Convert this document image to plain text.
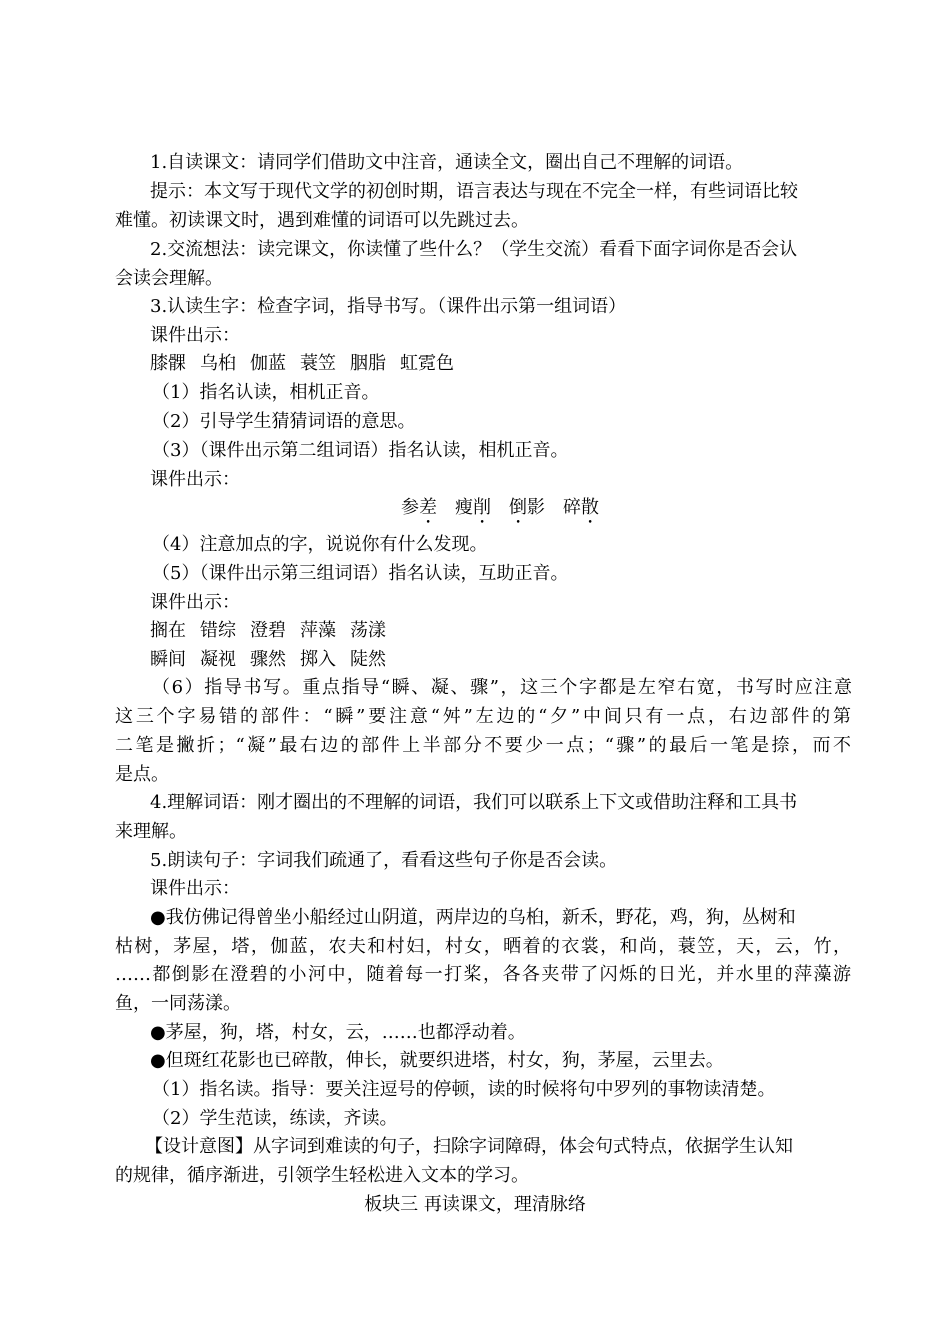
1.自读课文：请同学们借助文中注音，通读全文，圈出自己不理解的词语。
提示：本文写于现代文学的初创时期，语言表达与现在不完全一样，有些词语比较
难懂。初读课文时，遇到难懂的词语可以先跳过去。
2.交流想法：读完课文，你读懂了些什么？（学生交流）看看下面字词你是否会认
会读会理解。
3.认读生字：检查字词，指导书写。（课件出示第一组词语）
课件出示：
膝髁 乌桕 伽蓝 蓑笠 胭脂 虹霓色
（1）指名认读，相机正音。
（2）引导学生猜猜词语的意思。
（3）（课件出示第二组词语）指名认读，相机正音。
课件出示：
参差 瘦削 倒影 碎散
（4）注意加点的字，说说你有什么发现。
（5）（课件出示第三组词语）指名认读，互助正音。
课件出示：
搁在 错综 澄碧 萍藻 荡漾
瞬间 凝视 骤然 掷入 陡然
（6）指导书写。重点指导“瞬、凝、骤”，这三个字都是左窄右宽，书写时应注意
这三个字易错的部件：“瞬”要注意“舛”左边的“夕”中间只有一点，右边部件的第
二笔是撇折；“凝”最右边的部件上半部分不要少一点；“骤”的最后一笔是捺，而不
是点。
4.理解词语：刚才圈出的不理解的词语，我们可以联系上下文或借助注释和工具书
来理解。
5.朗读句子：字词我们疏通了，看看这些句子你是否会读。
课件出示：
●我仿佛记得曾坐小船经过山阴道，两岸边的乌桕，新禾，野花，鸡，狗，丛树和
枯树，茅屋，塔，伽蓝，农夫和村妇，村女，晒着的衣裳，和尚，蓑笠，天，云，竹，
……都倒影在澄碧的小河中，随着每一打桨，各各夹带了闪烁的日光，并水里的萍藻游
鱼，一同荡漾。
●茅屋，狗，塔，村女，云，……也都浮动着。
●但斑红花影也已碎散，伸长，就要织进塔，村女，狗，茅屋，云里去。
（1）指名读。指导：要关注逗号的停顿，读的时候将句中罗列的事物读清楚。
（2）学生范读，练读，齐读。
【设计意图】从字词到难读的句子，扫除字词障碍，体会句式特点，依据学生认知
的规律，循序渐进，引领学生轻松进入文本的学习。
板块三 再读课文，理清脉络
